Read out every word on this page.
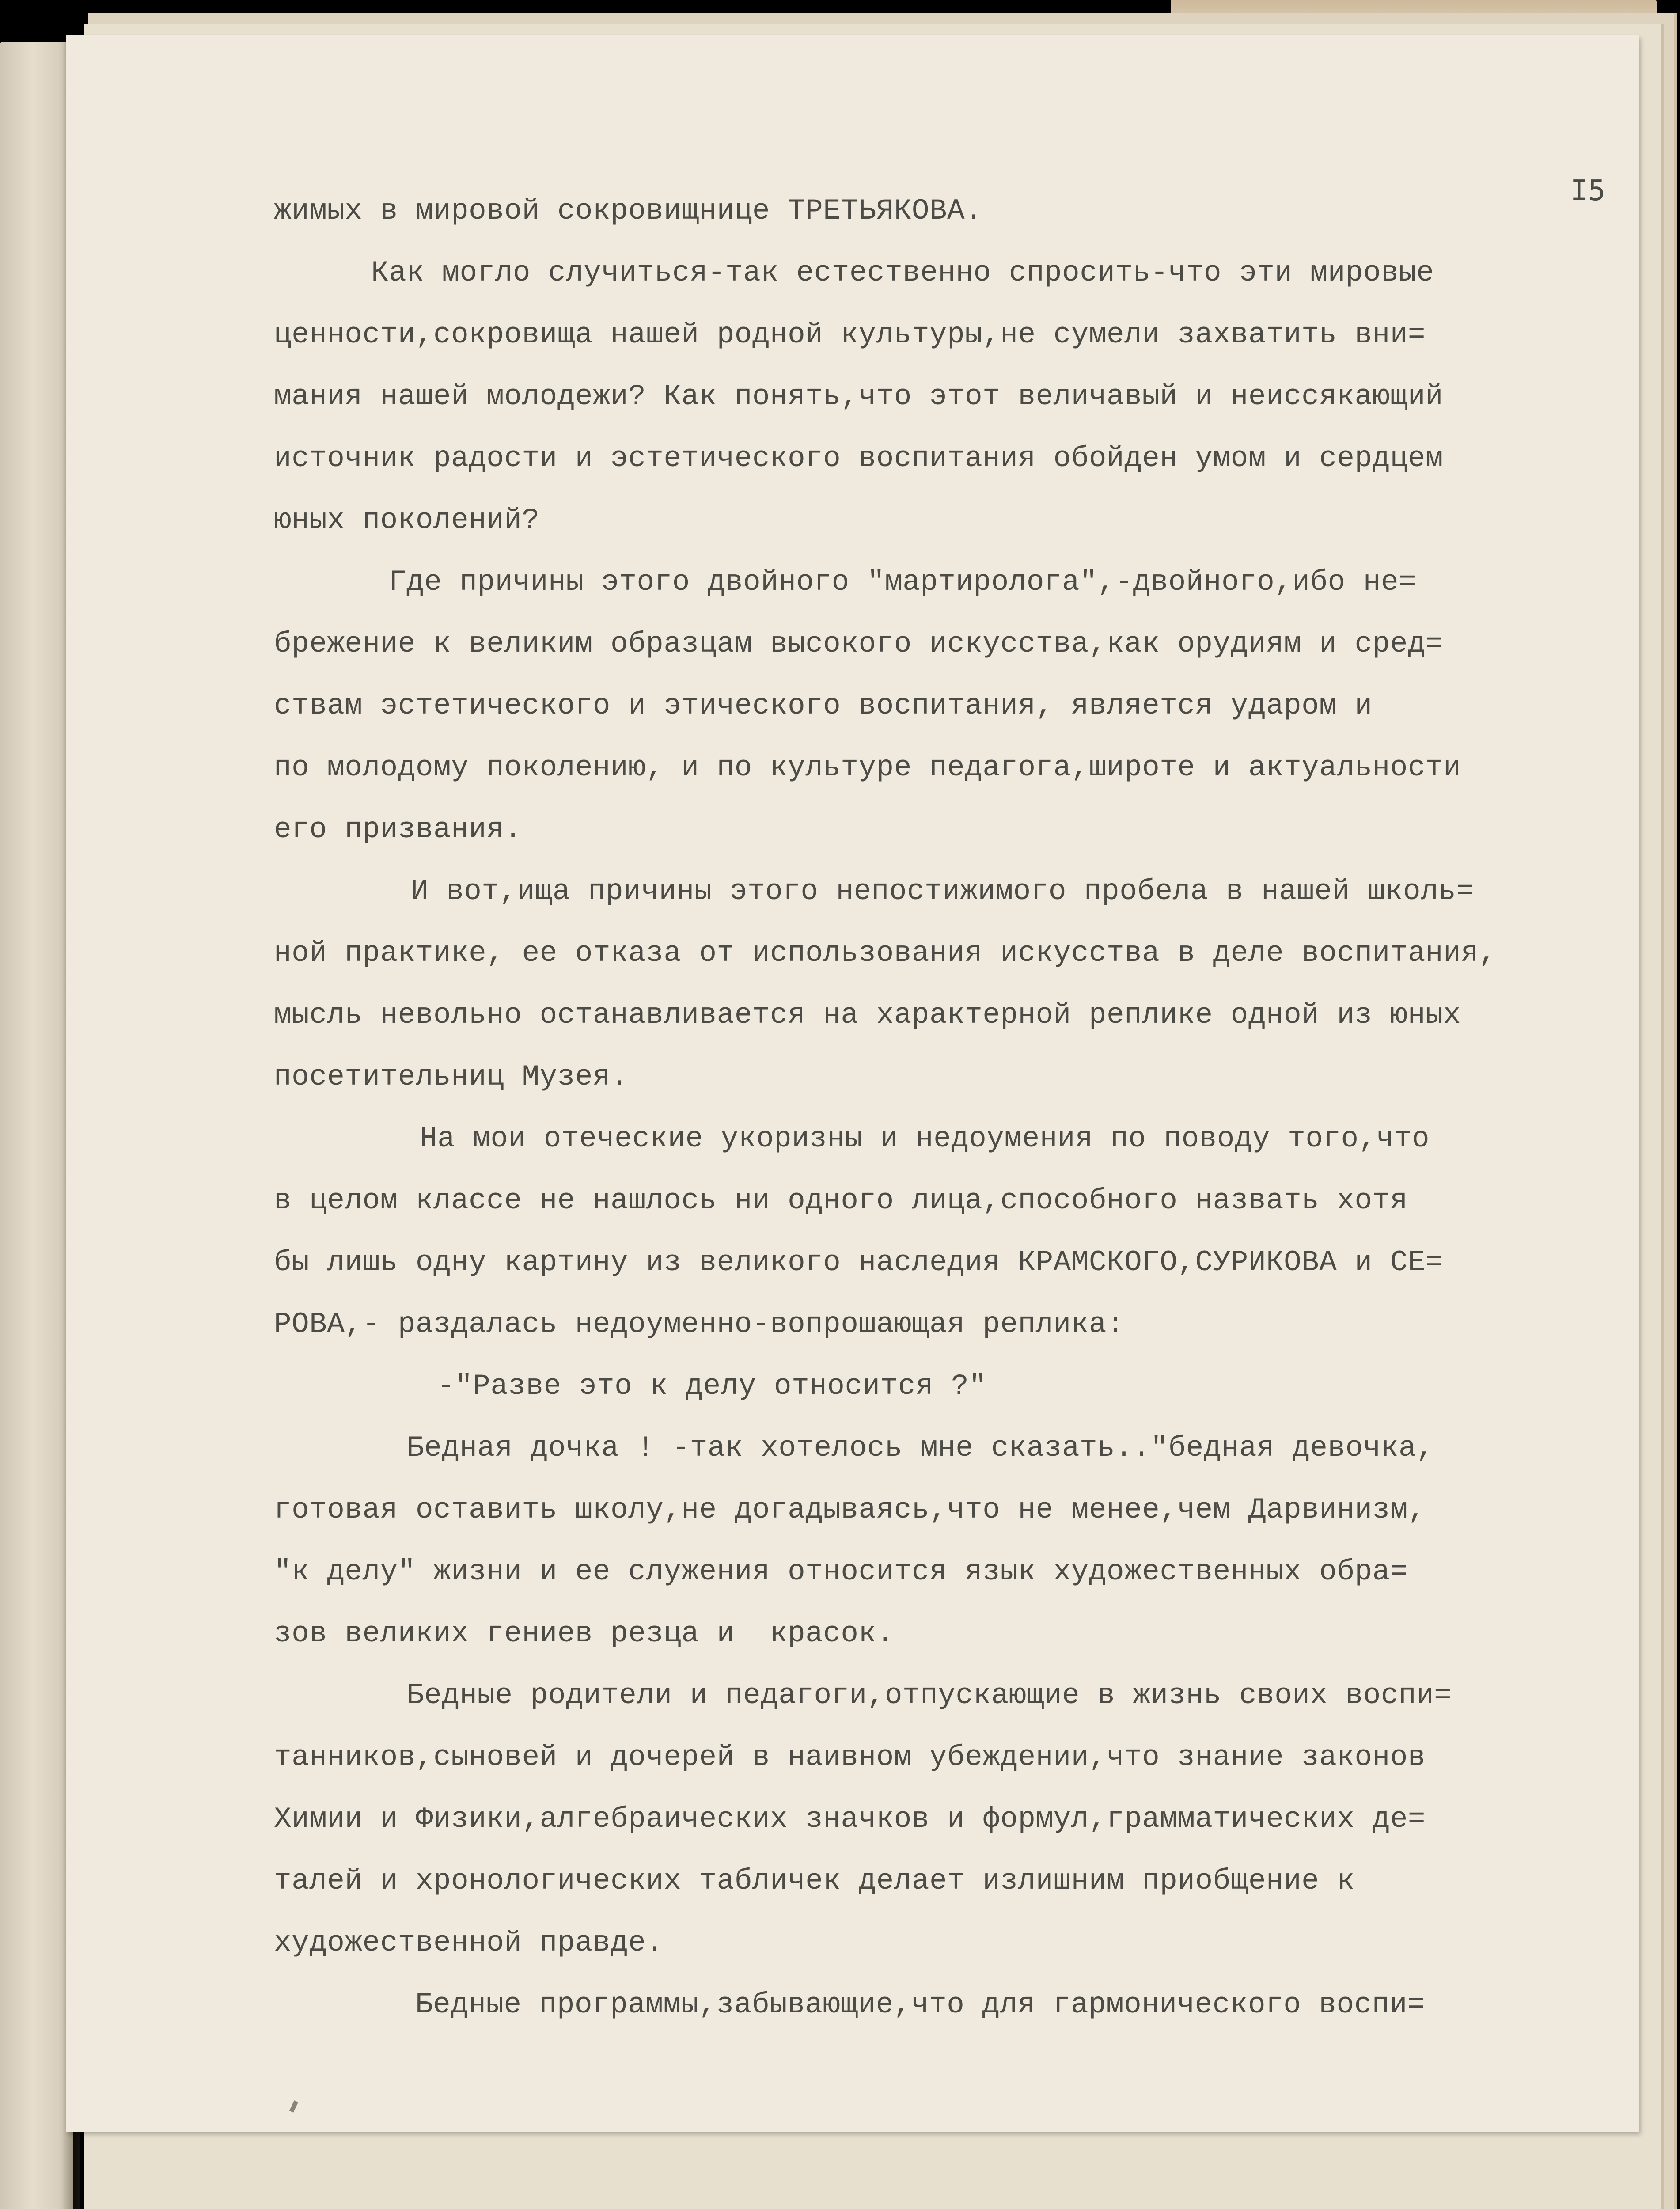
I5
жимых в мировой сокровищнице ТРЕТЬЯКОВА.
Как могло случиться-так естественно спросить-что эти мировые
ценности,сокровища нашей родной культуры,не сумели захватить вни=
мания нашей молодежи? Как понять,что этот величавый и неиссякающий
источник радости и эстетического воспитания обойден умом и сердцем
юных поколений?
Где причины этого двойного "мартиролога",-двойного,ибо не=
брежение к великим образцам высокого искусства,как орудиям и сред=
ствам эстетического и этического воспитания, является ударом и
по молодому поколению, и по культуре педагога,широте и актуальности
его призвания.
И вот,ища причины этого непостижимого пробела в нашей школь=
ной практике, ее отказа от использования искусства в деле воспитания,
мысль невольно останавливается на характерной реплике одной из юных
посетительниц Музея.
На мои отеческие укоризны и недоумения по поводу того,что
в целом классе не нашлось ни одного лица,способного назвать хотя
бы лишь одну картину из великого наследия КРАМСКОГО,СУРИКОВА и СЕ=
РОВА,- раздалась недоуменно-вопрошающая реплика:
-"Разве это к делу относится ?"
Бедная дочка ! -так хотелось мне сказать.."бедная девочка,
готовая оставить школу,не догадываясь,что не менее,чем Дарвинизм,
"к делу" жизни и ее служения относится язык художественных обра=
зов великих гениев резца и  красок.
Бедные родители и педагоги,отпускающие в жизнь своих воспи=
танников,сыновей и дочерей в наивном убеждении,что знание законов
Химии и Физики,алгебраических значков и формул,грамматических де=
талей и хронологических табличек делает излишним приобщение к
художественной правде.
Бедные программы,забывающие,что для гармонического воспи=
